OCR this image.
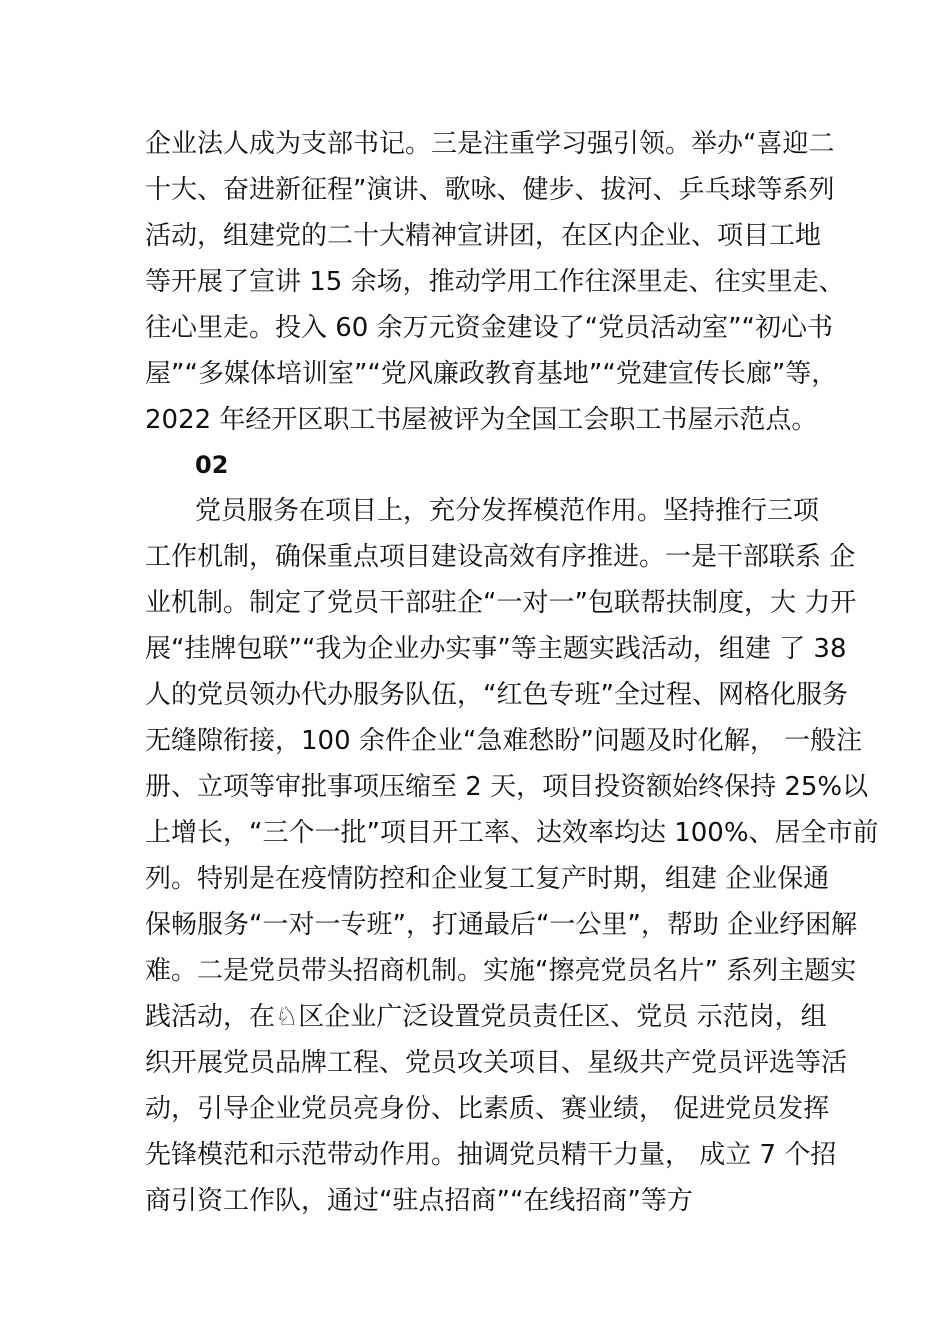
企业法人成为支部书记。三是注重学习强引领。举办“喜迎二
十大、奋进新征程”演讲、歌咏、健步、拔河、乒乓球等系列
活动，组建党的二十大精神宣讲团，在区内企业、项目工地
等开展了宣讲 15 余场，推动学用工作往深里走、往实里走、
往心里走。投入 60 余万元资金建设了“党员活动室”“初心书
屋”“多媒体培训室”“党风廉政教育基地”“党建宣传长廊”等，
2022 年经开区职工书屋被评为全国工会职工书屋示范点。
02
党员服务在项目上，充分发挥模范作用。坚持推行三项
工作机制，确保重点项目建设高效有序推进。一是干部联系 企
业机制。制定了党员干部驻企“一对一”包联帮扶制度，大 力开
展“挂牌包联”“我为企业办实事”等主题实践活动，组建 了 38
人的党员领办代办服务队伍，“红色专班”全过程、网格化服务
无缝隙衔接，100 余件企业“急难愁盼”问题及时化解， 一般注
册、立项等审批事项压缩至 2 天，项目投资额始终保持 25%以
上增长，“三个一批”项目开工率、达效率均达 100%、居全市前
列。特别是在疫情防控和企业复工复产时期，组建 企业保通
保畅服务“一对一专班”，打通最后“一公里”，帮助 企业纾困解
难。二是党员带头招商机制。实施“擦亮党员名片” 系列主题实
践活动，在♘区企业广泛设置党员责任区、党员 示范岗，组
织开展党员品牌工程、党员攻关项目、星级共产党员评选等活
动，引导企业党员亮身份、比素质、赛业绩， 促进党员发挥
先锋模范和示范带动作用。抽调党员精干力量， 成立 7 个招
商引资工作队，通过“驻点招商”“在线招商”等方
